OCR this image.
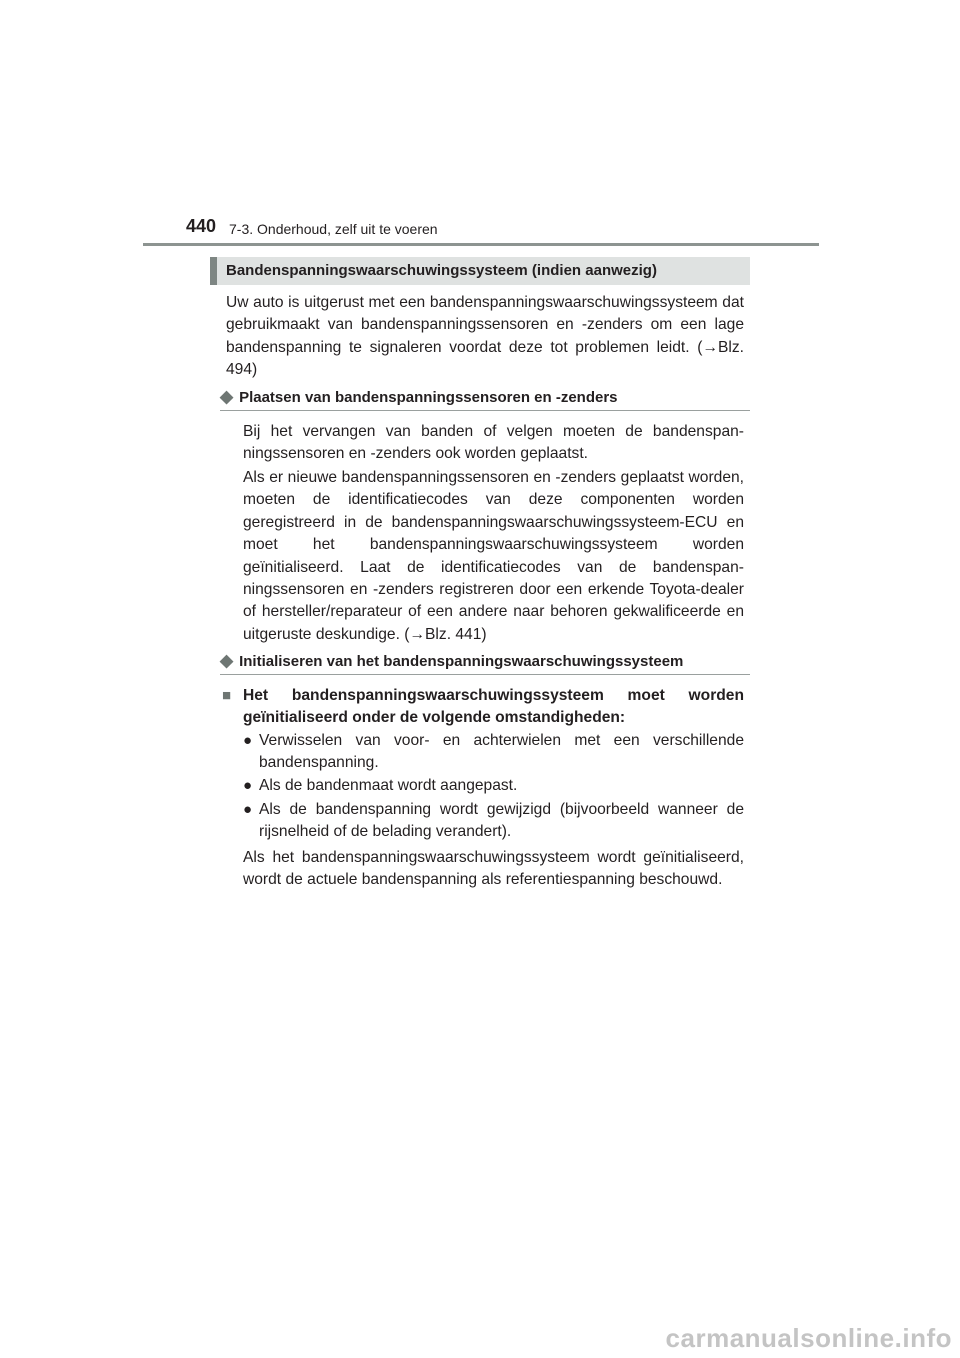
440 7-3. Onderhoud, zelf uit te voeren
Bandenspanningswaarschuwingssysteem (indien aanwezig)
Uw auto is uitgerust met een bandenspanningswaarschuwingssysteem dat gebruikmaakt van bandenspanningssensoren en -zenders om een lage bandenspanning te signaleren voordat deze tot problemen leidt. (→Blz. 494)
◆ Plaatsen van bandenspanningssensoren en -zenders
Bij het vervangen van banden of velgen moeten de bandenspanningssensoren en -zenders ook worden geplaatst.
Als er nieuwe bandenspanningssensoren en -zenders geplaatst worden, moeten de identificatiecodes van deze componenten worden geregistreerd in de bandenspanningswaarschuwingssysteem-ECU en moet het bandenspanningswaarschuwingssysteem worden geïnitialiseerd. Laat de identificatiecodes van de bandenspanningssensoren en -zenders registreren door een erkende Toyota-dealer of hersteller/reparateur of een andere naar behoren gekwalificeerde en uitgeruste deskundige. (→Blz. 441)
◆ Initialiseren van het bandenspanningswaarschuwingssysteem
■ Het bandenspanningswaarschuwingssysteem moet worden geïnitialiseerd onder de volgende omstandigheden:
● Verwisselen van voor- en achterwielen met een verschillende bandenspanning.
● Als de bandenmaat wordt aangepast.
● Als de bandenspanning wordt gewijzigd (bijvoorbeeld wanneer de rijsnelheid of de belading verandert).
Als het bandenspanningswaarschuwingssysteem wordt geïnitialiseerd, wordt de actuele bandenspanning als referentiespanning beschouwd.
carmanualsonline.info
